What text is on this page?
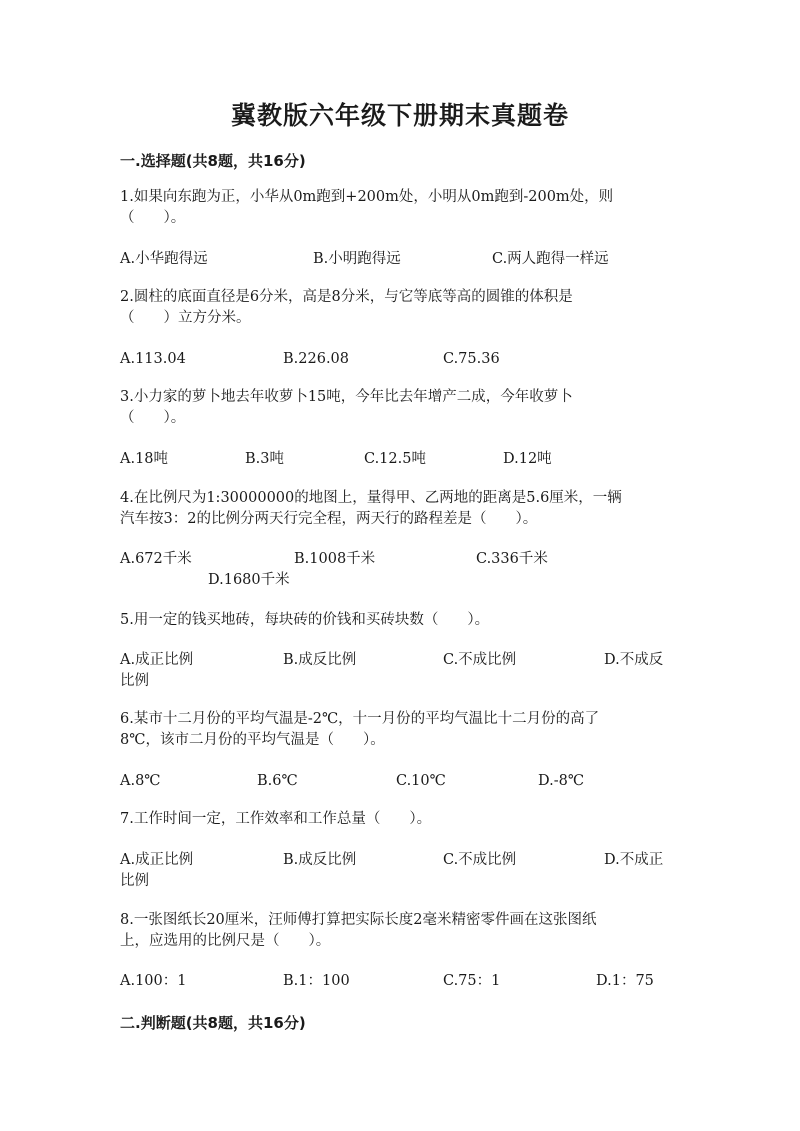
冀教版六年级下册期末真题卷
一.选择题(共8题，共16分)
1.如果向东跑为正，小华从0m跑到+200m处，小明从0m跑到-200m处，则
（　　）。
A.小华跑得远	B.小明跑得远	C.两人跑得一样远
2.圆柱的底面直径是6分米，高是8分米，与它等底等高的圆锥的体积是
（　　）立方分米。
A.113.04	B.226.08	C.75.36
3.小力家的萝卜地去年收萝卜15吨，今年比去年增产二成，今年收萝卜
（　　）。
A.18吨	B.3吨	C.12.5吨	D.12吨
4.在比例尺为1:30000000的地图上，量得甲、乙两地的距离是5.6厘米，一辆
汽车按3：2的比例分两天行完全程，两天行的路程差是（　　）。
A.672千米	B.1008千米	C.336千米
D.1680千米
5.用一定的钱买地砖，每块砖的价钱和买砖块数（　　）。
A.成正比例	B.成反比例	C.不成比例	D.不成反
比例
6.某市十二月份的平均气温是-2℃，十一月份的平均气温比十二月份的高了
8℃，该市二月份的平均气温是（　　）。
A.8℃	B.6℃	C.10℃	D.-8℃
7.工作时间一定，工作效率和工作总量（　　）。
A.成正比例	B.成反比例	C.不成比例	D.不成正
比例
8.一张图纸长20厘米，汪师傅打算把实际长度2毫米精密零件画在这张图纸
上，应选用的比例尺是（　　）。
A.100：1	B.1：100	C.75：1	D.1：75
二.判断题(共8题，共16分)
